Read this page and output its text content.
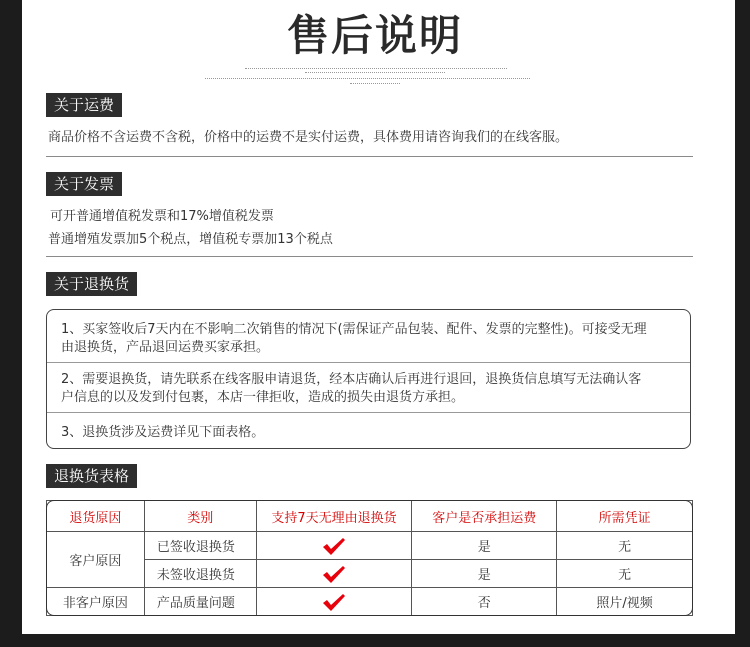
售后说明
关于运费
商品价格不含运费不含税，价格中的运费不是实付运费，具体费用请咨询我们的在线客服。
关于发票
可开普通增值税发票和17%增值税发票
普通增殖发票加5个税点，增值税专票加13个税点
关于退换货
1、买家签收后7天内在不影响二次销售的情况下(需保证产品包装、配件、发票的完整性)。可接受无理
由退换货，产品退回运费买家承担。
2、需要退换货，请先联系在线客服申请退货，经本店确认后再进行退回，退换货信息填写无法确认客
户信息的以及发到付包裹，本店一律拒收，造成的损失由退货方承担。
3、退换货涉及运费详见下面表格。
退换货表格
退货原因	类别	支持7天无理由退换货	客户是否承担运费	所需凭证
客户原因	已签收退换货		是	无
	未签收退换货		是	无
非客户原因	产品质量问题		否	照片/视频
